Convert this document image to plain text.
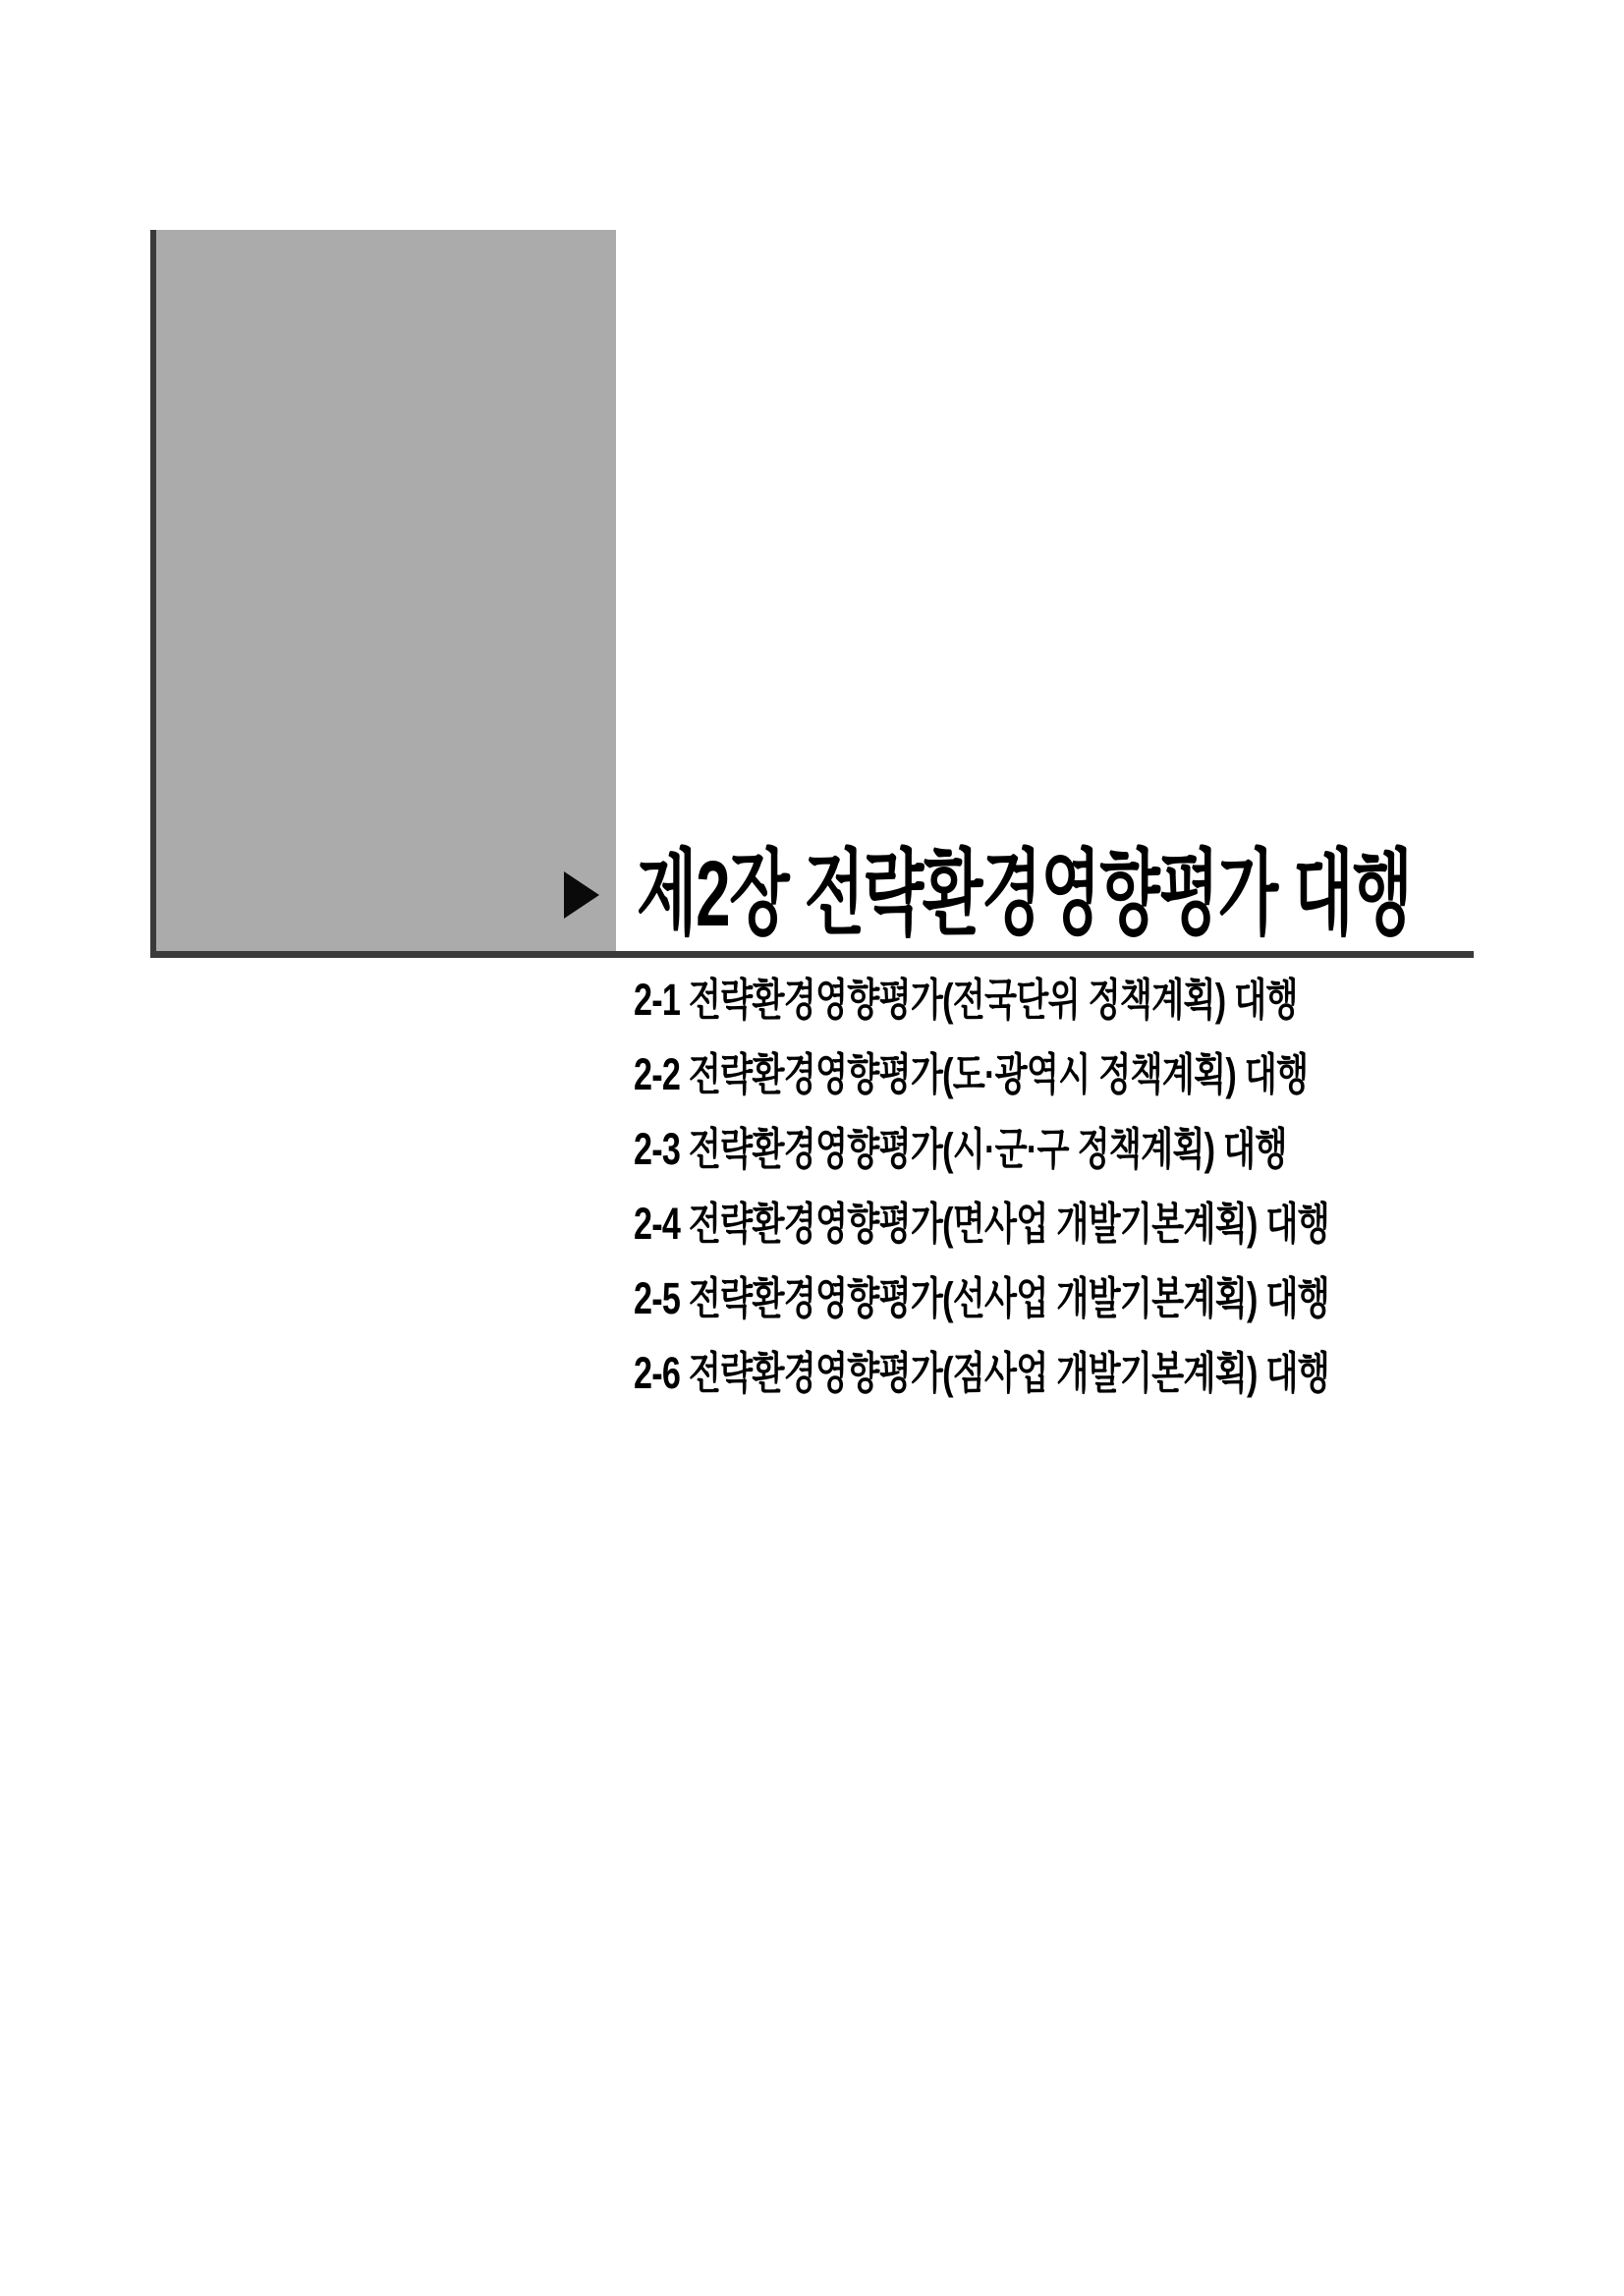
제2장 전략환경영향평가 대행
2-1 전략환경영향평가(전국단위 정책계획) 대행
2-2 전략환경영향평가(도·광역시 정책계획) 대행
2-3 전략환경영향평가(시·군·구 정책계획) 대행
2-4 전략환경영향평가(면사업 개발기본계획) 대행
2-5 전략환경영향평가(선사업 개발기본계획) 대행
2-6 전략환경영향평가(점사업 개발기본계획) 대행
